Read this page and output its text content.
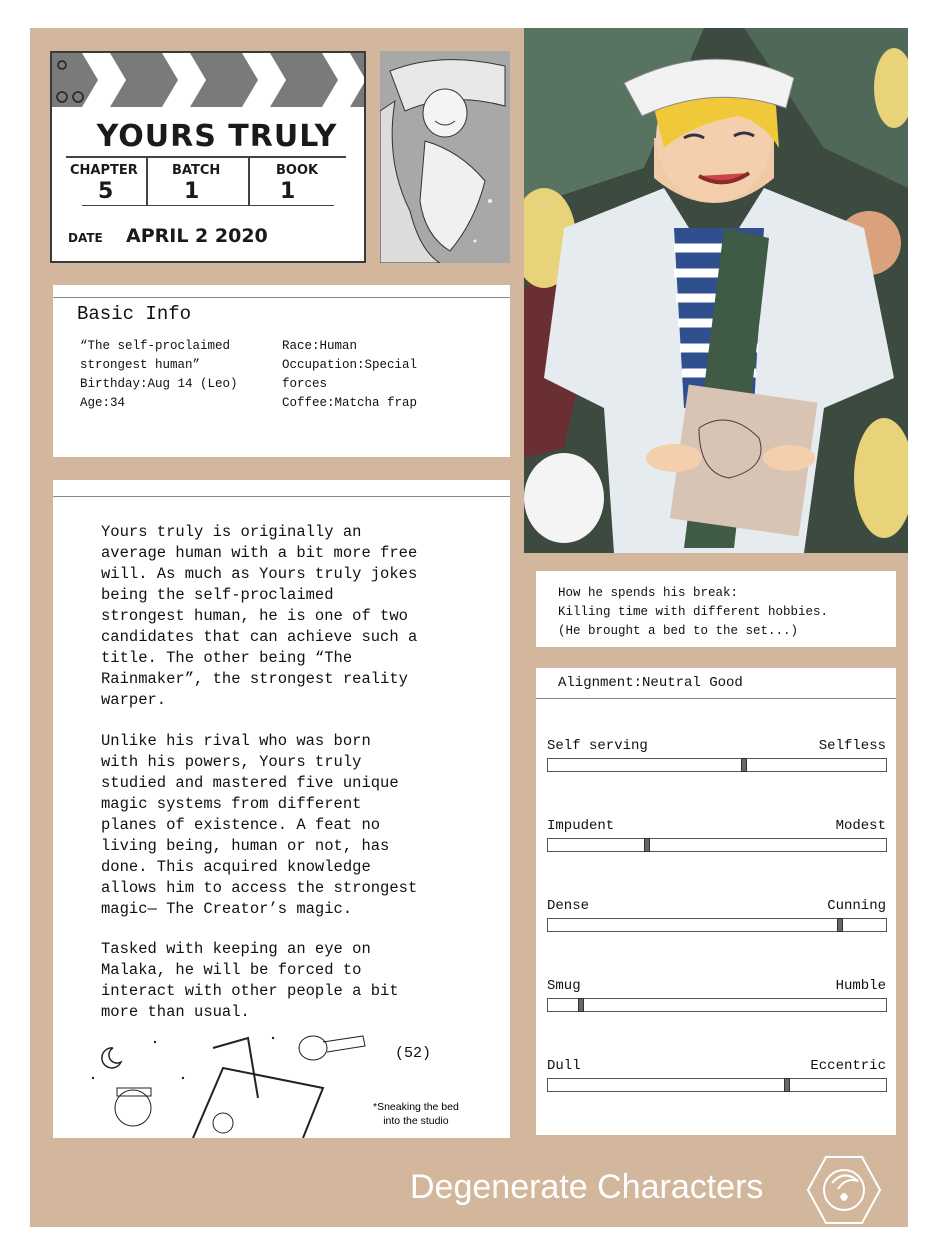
YOURS TRULY
CHAPTER	BATCH	BOOK
5	1	1
DATE APRIL 2 2020
Basic Info
“The self-proclaimed
strongest human”
Birthday:Aug 14 (Leo)
Age:34
Race:Human
Occupation:Special
forces
Coffee:Matcha frap
Yours truly is originally an
average human with a bit more free
will. As much as Yours truly jokes
being the self-proclaimed
strongest human, he is one of two
candidates that can achieve such a
title. The other being “The
Rainmaker”, the strongest reality
warper.
Unlike his rival who was born
with his powers, Yours truly
studied and mastered five unique
magic systems from different
planes of existence. A feat no
living being, human or not, has
done. This acquired knowledge
allows him to access the strongest
magic— The Creator’s magic.
Tasked with keeping an eye on
Malaka, he will be forced to
interact with other people a bit
more than usual.
(52)
*Sneaking the bed
into the studio
How he spends his break:
Killing time with different hobbies.
(He brought a bed to the set...)
Alignment:Neutral Good
Self serving	Selfless
Impudent	Modest
Dense	Cunning
Smug	Humble
Dull	Eccentric
Degenerate Characters
